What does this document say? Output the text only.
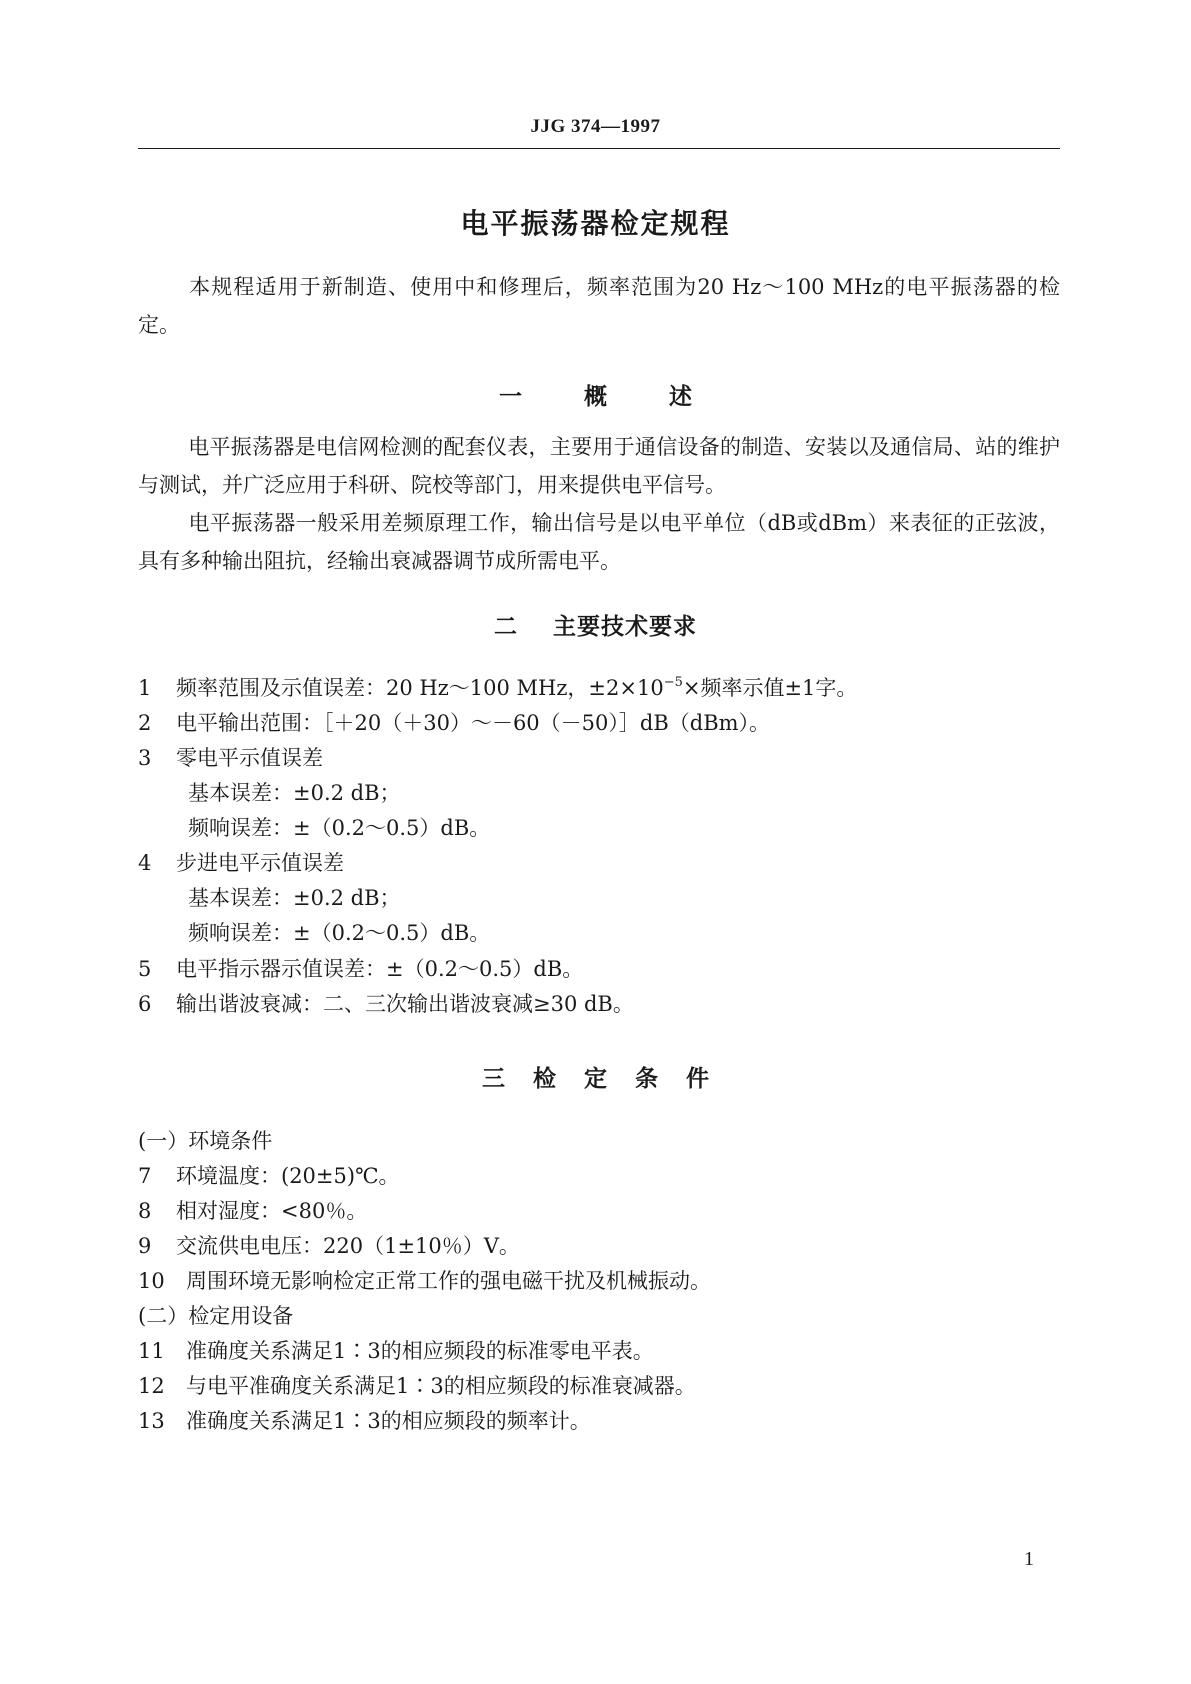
JJG 374—1997
电平振荡器检定规程
本规程适用于新制造、使用中和修理后，频率范围为20 Hz～100 MHz的电平振荡器的检定。
一	概	述
电平振荡器是电信网检测的配套仪表，主要用于通信设备的制造、安装以及通信局、站的维护与测试，并广泛应用于科研、院校等部门，用来提供电平信号。
电平振荡器一般采用差频原理工作，输出信号是以电平单位（dB或dBm）来表征的正弦波，具有多种输出阻抗，经输出衰减器调节成所需电平。
二 主要技术要求
1 频率范围及示值误差：20 Hz～100 MHz，$\pm 2\times 10^{-5}\times$频率示值±1字。
2 电平输出范围：［＋20（＋30）～－60（－50）］dB（dBm）。
3 零电平示值误差
基本误差：±0.2 dB；
频响误差：±（0.2～0.5）dB。
4 步进电平示值误差
基本误差：±0.2 dB；
频响误差：±（0.2～0.5）dB。
5 电平指示器示值误差：±（0.2～0.5）dB。
6 输出谐波衰减：二、三次输出谐波衰减≥30 dB。
三 检 定 条 件
(一）环境条件
7 环境温度：(20±5)℃。
8 相对湿度：<80％。
9 交流供电电压：220（1±10％）V。
10 周围环境无影响检定正常工作的强电磁干扰及机械振动。
(二）检定用设备
11 准确度关系满足1∶3的相应频段的标准零电平表。
12 与电平准确度关系满足1∶3的相应频段的标准衰减器。
13 准确度关系满足1∶3的相应频段的频率计。
1
